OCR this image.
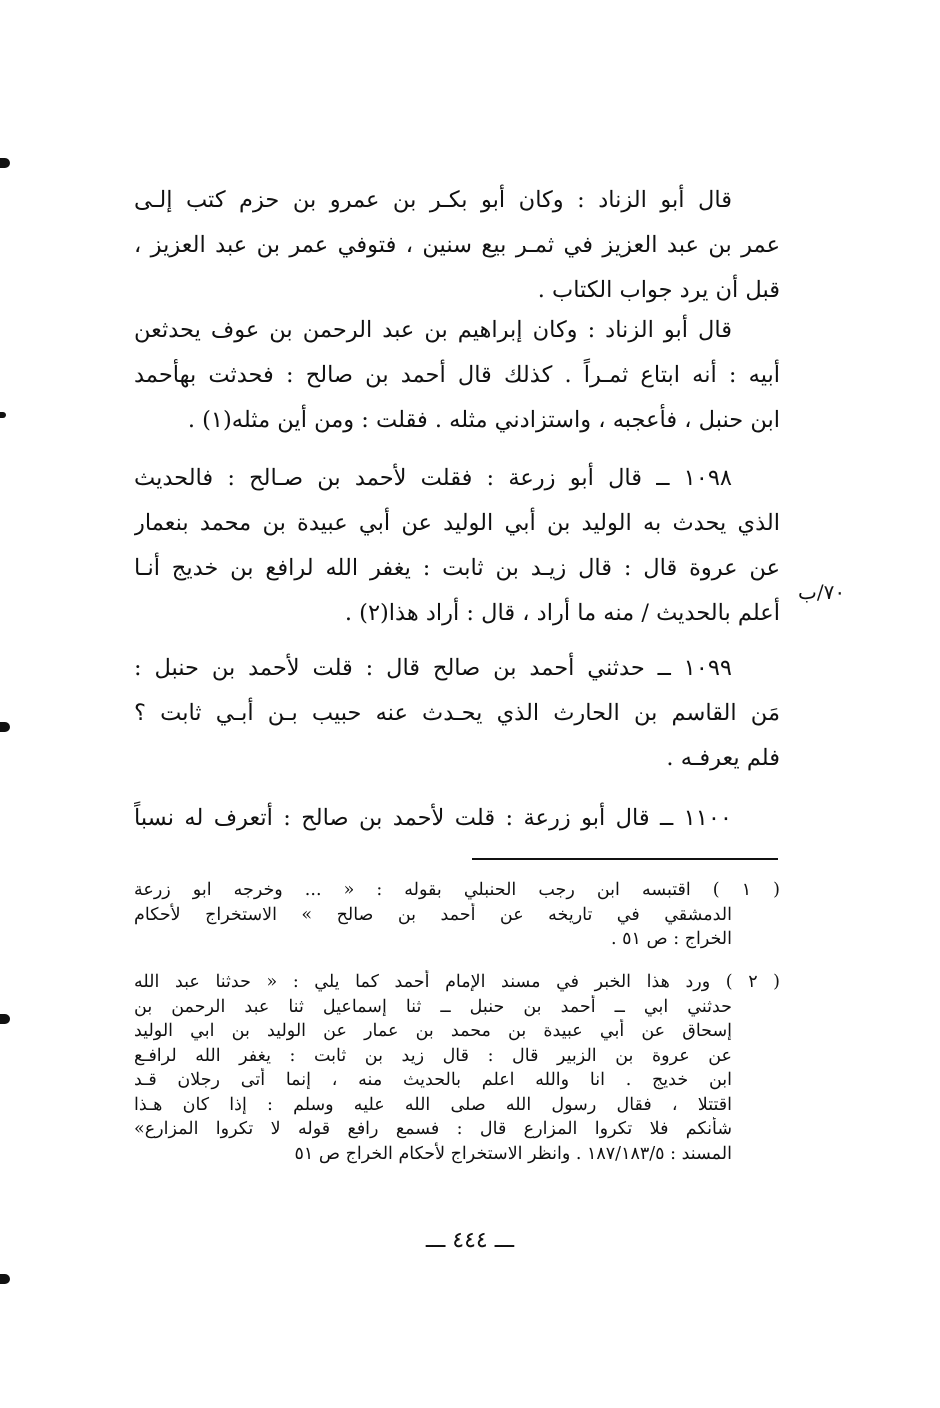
قال أبو الزناد : وكان أبو بكـر بن عمرو بن حزم كتب إلـى
عمر بن عبد العزيز في ثمـر بيع سنين ، فتوفي عمر بن عبد العزيز ،
قبل أن يرد جواب الكتاب .
قال أبو الزناد : وكان إبراهيم بن عبد الرحمن بن عوف يحدثعن
أبيه : أنه ابتاع ثمـراً . كذلك قال أحمد بن صالح : فحدثت بهأحمد
ابن حنبل ، فأعجبه ، واستزادني مثله . فقلت : ومن أين مثله(١) .
١٠٩٨ ــ قال أبو زرعة : فقلت لأحمد بن صـالح : فالحديث
الذي يحدث به الوليد بن أبي الوليد عن أبي عبيدة بن محمد بنعمار
عن عروة قال : قال زيـد بن ثابت : يغفر الله لرافع بن خديج أنـا
أعلم بالحديث / منه ما أراد ، قال : أراد هذا(٢) .
٧٠/ب
١٠٩٩ ــ حدثني أحمد بن صالح قال : قلت لأحمد بن حنبل :
مَن القاسم بن الحارث الذي يحـدث عنه حبيب بـن أبـي ثابت ؟
فلم يعرفـه .
١١٠٠ ــ قال أبو زرعة : قلت لأحمد بن صالح : أتعرف له نسباً
( ١ ) اقتبسه ابن رجب الحنبلي بقوله : « ... وخرجه ابو زرعة
الدمشقي في تاريخه عن أحمد بن صالح » الاستخراج لأحكام
الخراج : ص ٥١ .
( ٢ ) ورد هذا الخبر في مسند الإمام أحمد كما يلي : « حدثنا عبد الله
حدثني ابي ــ أحمد بن حنبل ــ ثنا إسماعيل ثنا عبد الرحمن بن
إسحاق عن أبي عبيدة بن محمد بن عمار عن الوليد بن ابي الوليد
عن عروة بن الزبير قال : قال زيد بن ثابت : يغفر الله لرافـع
ابن خديج . انا والله اعلم بالحديث منه ، إنما أتى رجلان قـد
اقتتلا ، فقال رسول الله صلى الله عليه وسلم : إذا كان هـذا
شأنكم فلا تكروا المزارع قال : فسمع رافع قوله لا تكروا المزارع»
المسند : ١٨٧/١٨٣/٥ . وانظر الاستخراج لأحكام الخراج ص ٥١
ـــ ٤٤٤ ـــ
